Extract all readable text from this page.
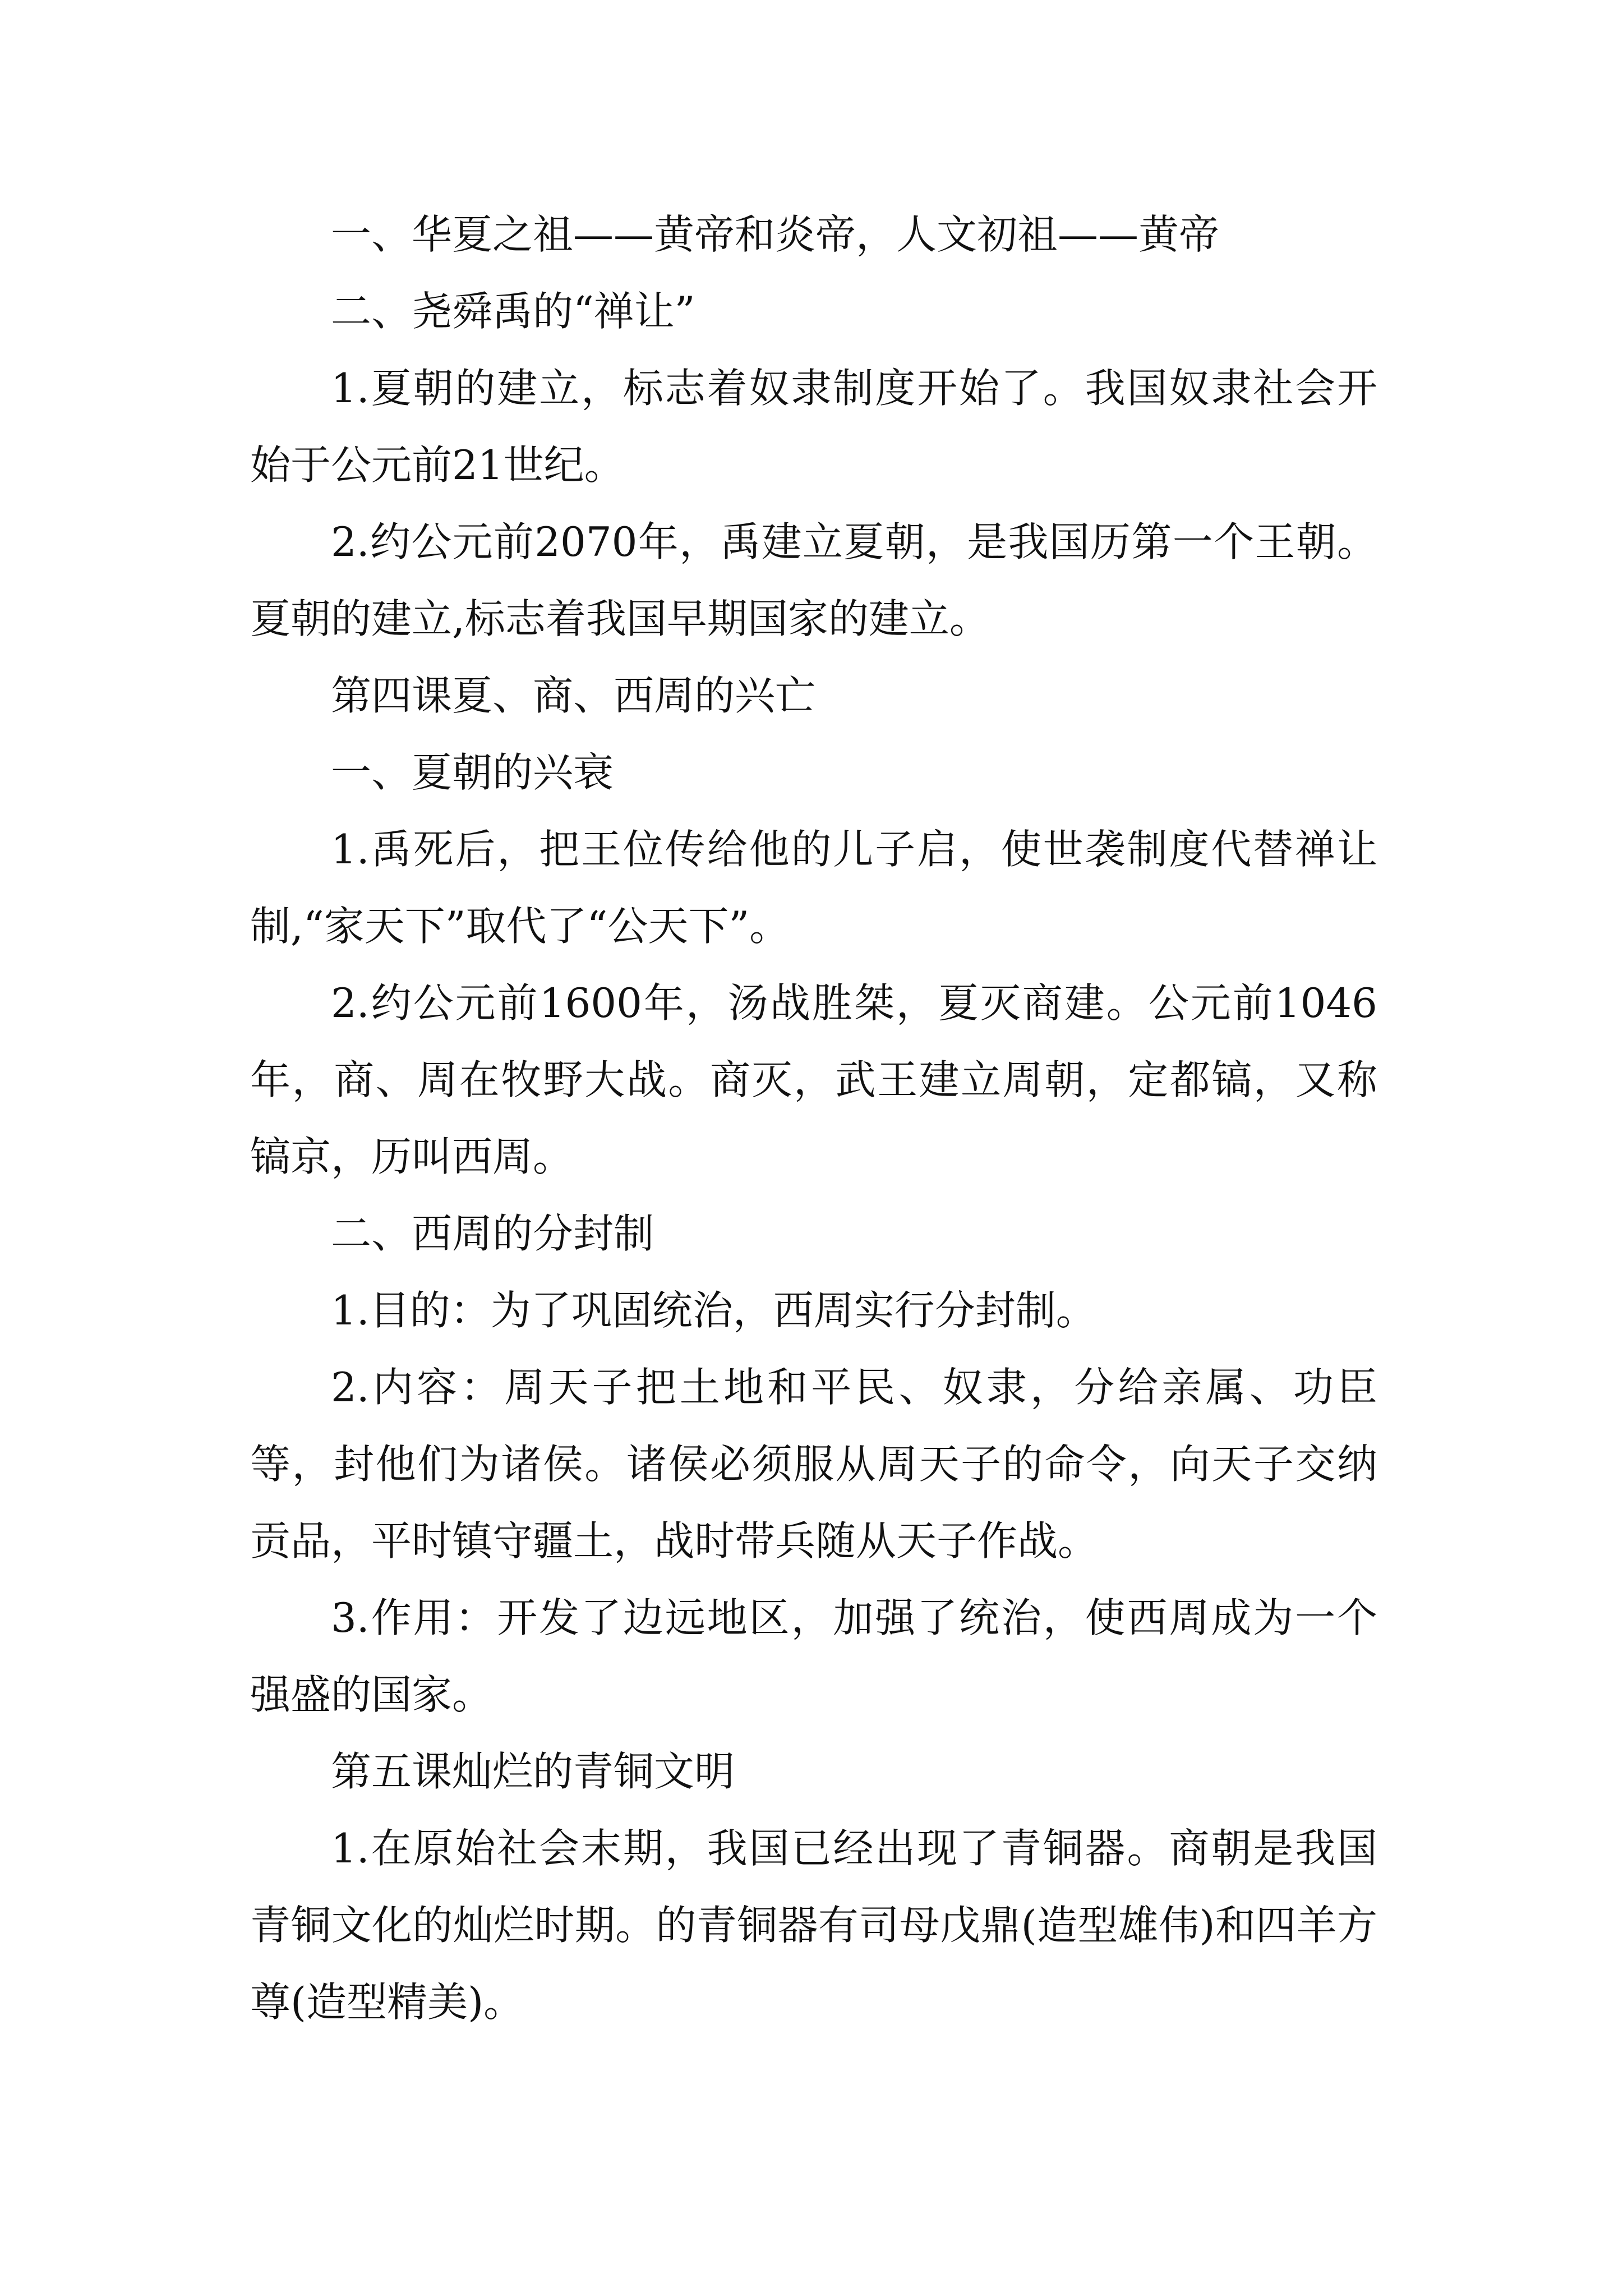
一、华夏之祖——黄帝和炎帝，人文初祖——黄帝

二、尧舜禹的“禅让”

1.夏朝的建立，标志着奴隶制度开始了。我国奴隶社会开始于公元前21世纪。

2.约公元前2070年，禹建立夏朝，是我国历第一个王朝。夏朝的建立,标志着我国早期国家的建立。

第四课夏、商、西周的兴亡

一、夏朝的兴衰

1.禹死后，把王位传给他的儿子启，使世袭制度代替禅让制,“家天下”取代了“公天下”。

2.约公元前1600年，汤战胜桀，夏灭商建。公元前1046年，商、周在牧野大战。商灭，武王建立周朝，定都镐，又称镐京，历叫西周。

二、西周的分封制

1.目的：为了巩固统治，西周实行分封制。

2.内容：周天子把土地和平民、奴隶，分给亲属、功臣等，封他们为诸侯。诸侯必须服从周天子的命令，向天子交纳贡品，平时镇守疆土，战时带兵随从天子作战。

3.作用：开发了边远地区，加强了统治，使西周成为一个强盛的国家。

第五课灿烂的青铜文明

1.在原始社会末期，我国已经出现了青铜器。商朝是我国青铜文化的灿烂时期。的青铜器有司母戊鼎(造型雄伟)和四羊方尊(造型精美)。
